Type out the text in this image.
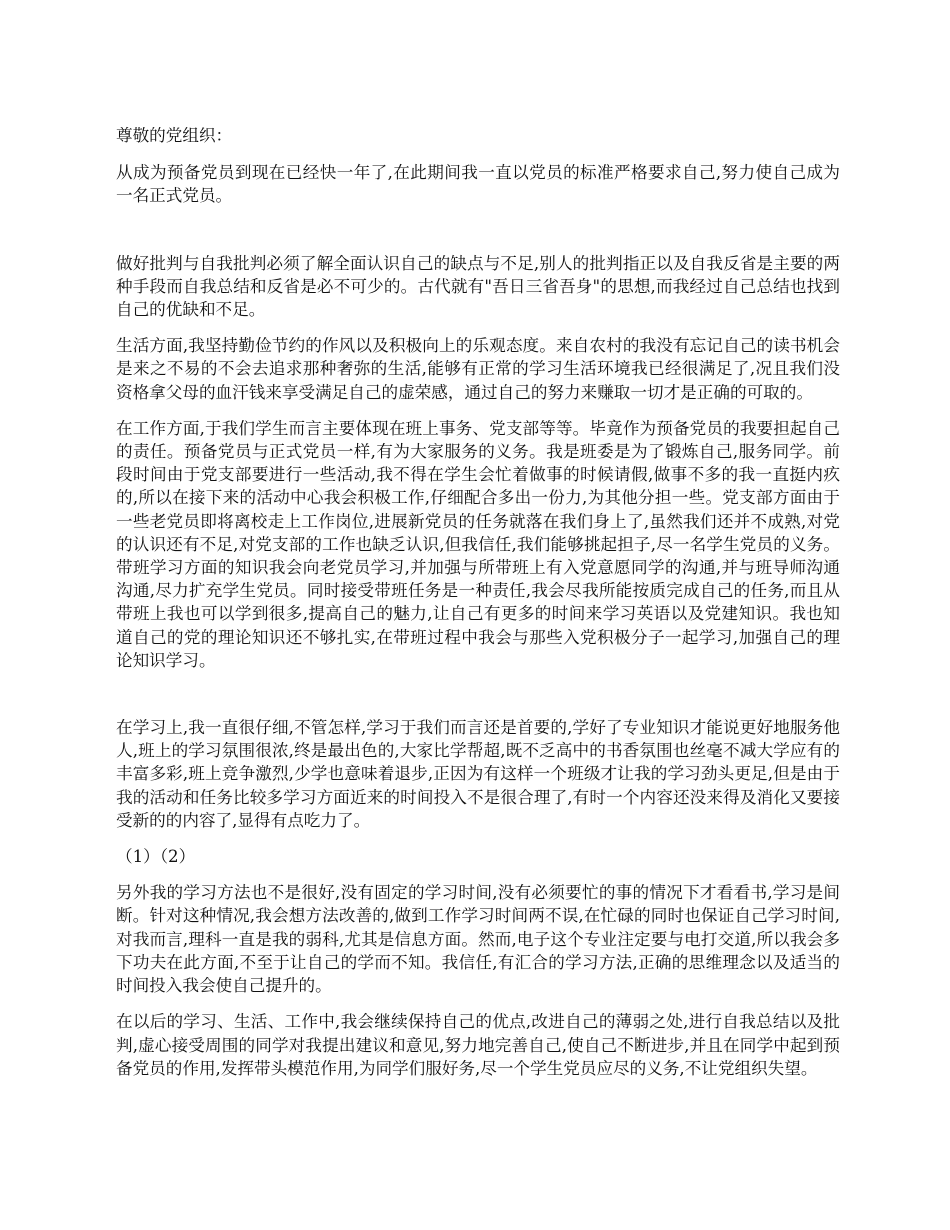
尊敬的党组织：

从成为预备党员到现在已经快一年了,在此期间我一直以党员的标准严格要求自己,努力使自己成为一名正式党员。

做好批判与自我批判必须了解全面认识自己的缺点与不足,别人的批判指正以及自我反省是主要的两种手段而自我总结和反省是必不可少的。古代就有"吾日三省吾身"的思想,而我经过自己总结也找到自己的优缺和不足。

生活方面,我坚持勤俭节约的作风以及积极向上的乐观态度。来自农村的我没有忘记自己的读书机会是来之不易的不会去追求那种奢弥的生活,能够有正常的学习生活环境我已经很满足了,况且我们没资格拿父母的血汗钱来享受满足自己的虚荣感，通过自己的努力来赚取一切才是正确的可取的。

在工作方面,于我们学生而言主要体现在班上事务、党支部等等。毕竟作为预备党员的我要担起自己的责任。预备党员与正式党员一样,有为大家服务的义务。我是班委是为了锻炼自己,服务同学。前段时间由于党支部要进行一些活动,我不得在学生会忙着做事的时候请假,做事不多的我一直挺内疚的,所以在接下来的活动中心我会积极工作,仔细配合多出一份力,为其他分担一些。党支部方面由于一些老党员即将离校走上工作岗位,进展新党员的任务就落在我们身上了,虽然我们还并不成熟,对党的认识还有不足,对党支部的工作也缺乏认识,但我信任,我们能够挑起担子,尽一名学生党员的义务。带班学习方面的知识我会向老党员学习,并加强与所带班上有入党意愿同学的沟通,并与班导师沟通沟通,尽力扩充学生党员。同时接受带班任务是一种责任,我会尽我所能按质完成自己的任务,而且从带班上我也可以学到很多,提高自己的魅力,让自己有更多的时间来学习英语以及党建知识。我也知道自己的党的理论知识还不够扎实,在带班过程中我会与那些入党积极分子一起学习,加强自己的理论知识学习。

在学习上,我一直很仔细,不管怎样,学习于我们而言还是首要的,学好了专业知识才能说更好地服务他人,班上的学习氛围很浓,终是最出色的,大家比学帮超,既不乏高中的书香氛围也丝毫不减大学应有的丰富多彩,班上竞争激烈,少学也意味着退步,正因为有这样一个班级才让我的学习劲头更足,但是由于我的活动和任务比较多学习方面近来的时间投入不是很合理了,有时一个内容还没来得及消化又要接受新的的内容了,显得有点吃力了。

（1）（2）

另外我的学习方法也不是很好,没有固定的学习时间,没有必须要忙的事的情况下才看看书,学习是间断。针对这种情况,我会想方法改善的,做到工作学习时间两不误,在忙碌的同时也保证自己学习时间,对我而言,理科一直是我的弱科,尤其是信息方面。然而,电子这个专业注定要与电打交道,所以我会多下功夫在此方面,不至于让自己的学而不知。我信任,有汇合的学习方法,正确的思维理念以及适当的时间投入我会使自己提升的。

在以后的学习、生活、工作中,我会继续保持自己的优点,改进自己的薄弱之处,进行自我总结以及批判,虚心接受周围的同学对我提出建议和意见,努力地完善自己,使自己不断进步,并且在同学中起到预备党员的作用,发挥带头模范作用,为同学们服好务,尽一个学生党员应尽的义务,不让党组织失望。
